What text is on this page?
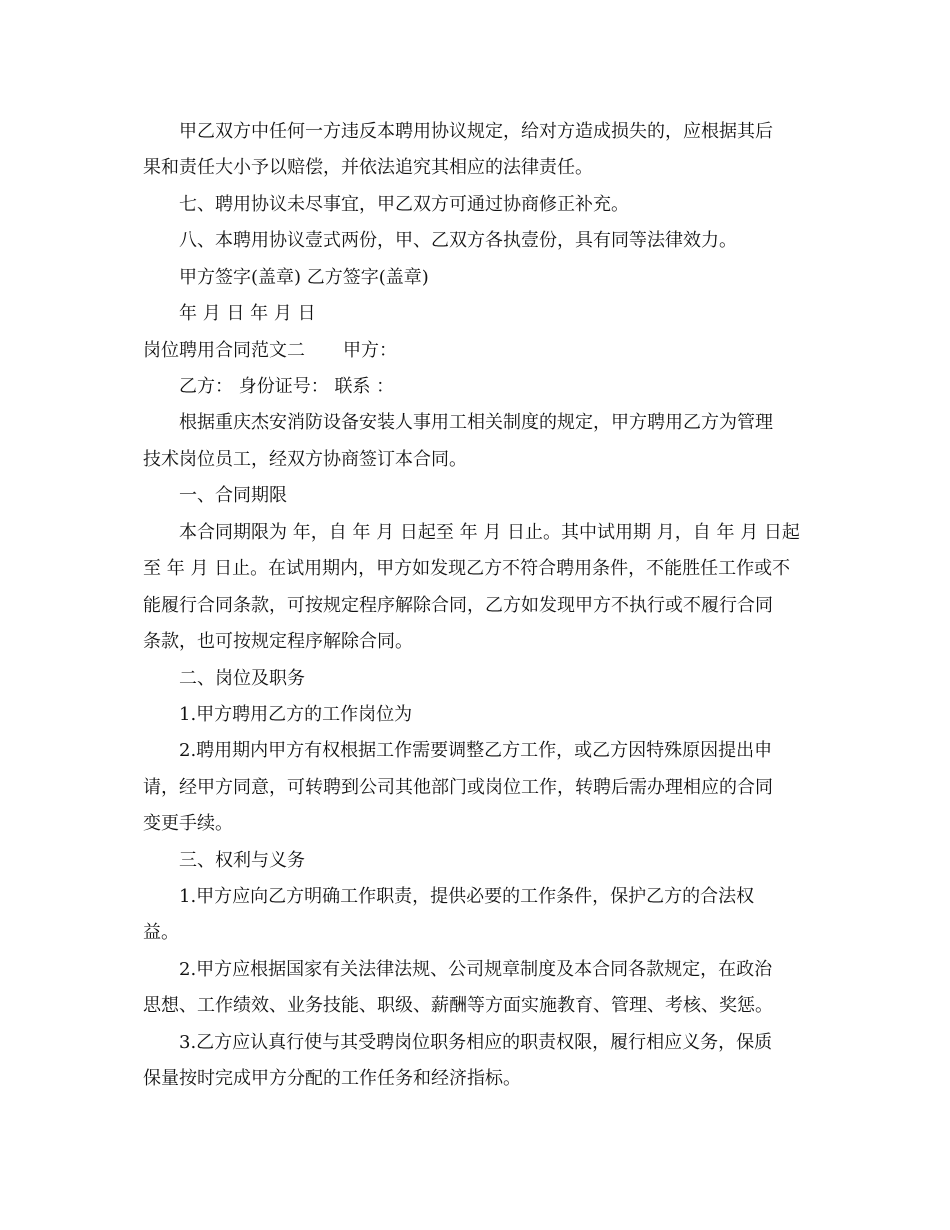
甲乙双方中任何一方违反本聘用协议规定，给对方造成损失的，应根据其后
果和责任大小予以赔偿，并依法追究其相应的法律责任。
七、聘用协议未尽事宜，甲乙双方可通过协商修正补充。
八、本聘用协议壹式两份，甲、乙双方各执壹份，具有同等法律效力。
甲方签字(盖章) 乙方签字(盖章)
年 月 日 年 月 日
岗位聘用合同范文二 甲方：
乙方： 身份证号： 联系 ：
根据重庆杰安消防设备安装人事用工相关制度的规定，甲方聘用乙方为管理
技术岗位员工，经双方协商签订本合同。
一、合同期限
本合同期限为 年，自 年 月 日起至 年 月 日止。其中试用期 月，自 年 月 日起
至 年 月 日止。在试用期内，甲方如发现乙方不符合聘用条件，不能胜任工作或不
能履行合同条款，可按规定程序解除合同，乙方如发现甲方不执行或不履行合同
条款，也可按规定程序解除合同。
二、岗位及职务
1.甲方聘用乙方的工作岗位为
2.聘用期内甲方有权根据工作需要调整乙方工作，或乙方因特殊原因提出申
请，经甲方同意，可转聘到公司其他部门或岗位工作，转聘后需办理相应的合同
变更手续。
三、权利与义务
1.甲方应向乙方明确工作职责，提供必要的工作条件，保护乙方的合法权
益。
2.甲方应根据国家有关法律法规、公司规章制度及本合同各款规定，在政治
思想、工作绩效、业务技能、职级、薪酬等方面实施教育、管理、考核、奖惩。
3.乙方应认真行使与其受聘岗位职务相应的职责权限，履行相应义务，保质
保量按时完成甲方分配的工作任务和经济指标。
